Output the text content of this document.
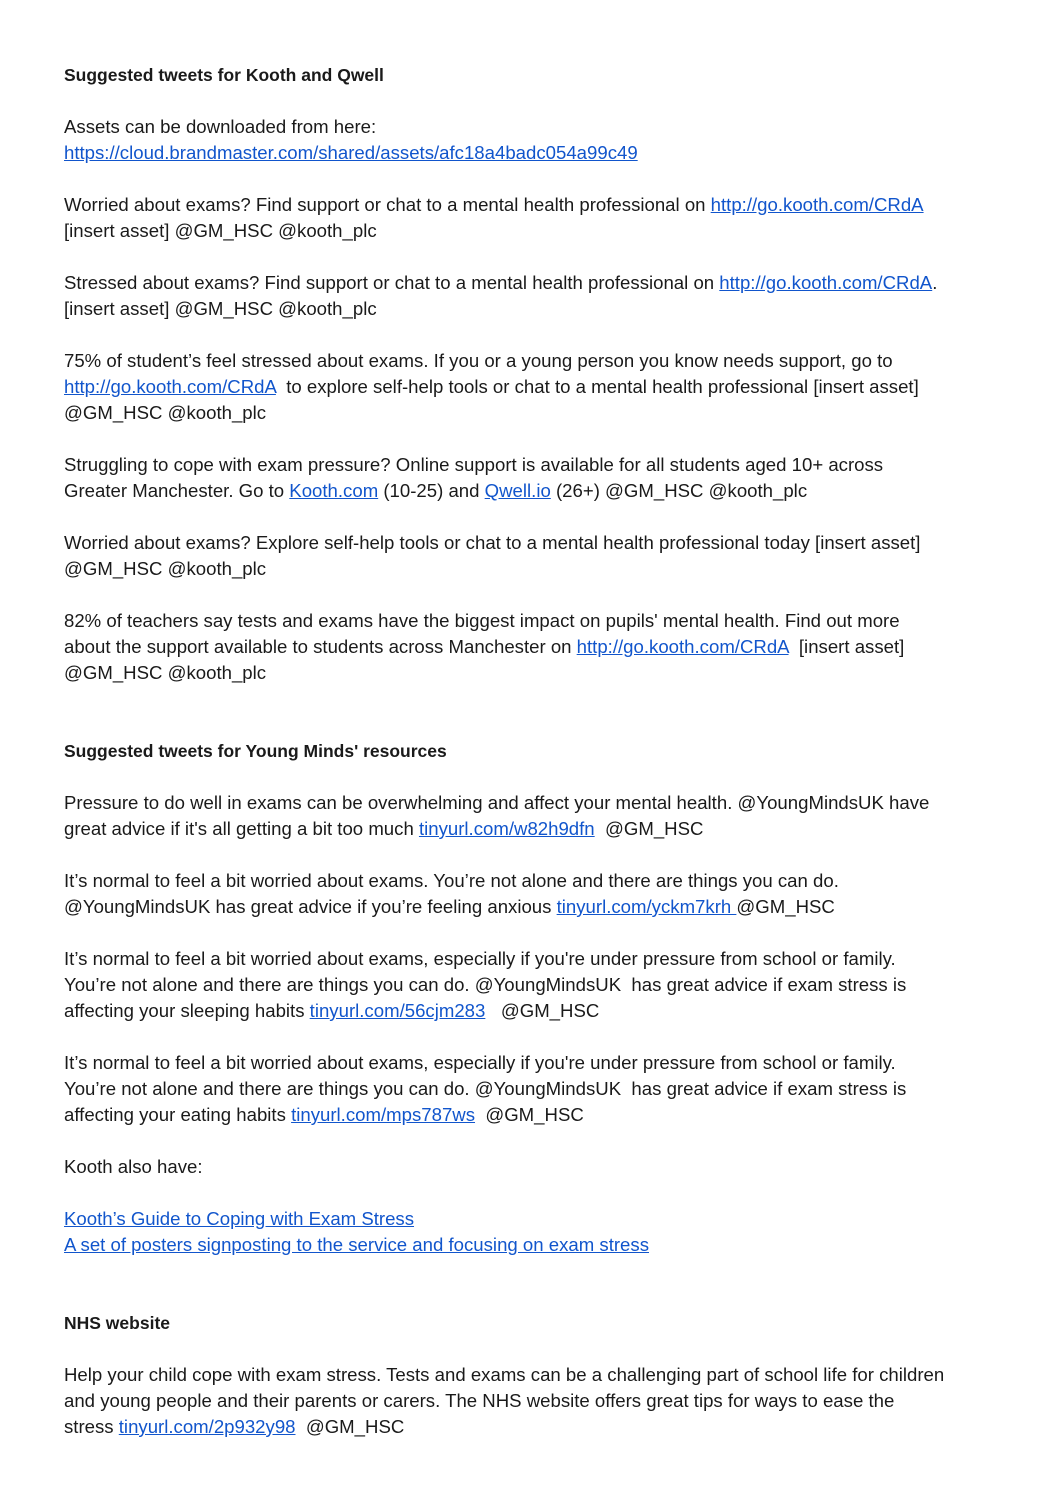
Suggested tweets for Kooth and Qwell

Assets can be downloaded from here:

https://cloud.brandmaster.com/shared/assets/afc18a4badc054a99c49

Worried about exams? Find support or chat to a mental health professional on http://go.kooth.com/CRdA

[insert asset] @GM_HSC @kooth_plc

Stressed about exams? Find support or chat to a mental health professional on http://go.kooth.com/CRdA.

[insert asset] @GM_HSC @kooth_plc

75% of student’s feel stressed about exams. If you or a young person you know needs support, go to

http://go.kooth.com/CRdA  to explore self-help tools or chat to a mental health professional [insert asset]

@GM_HSC @kooth_plc

Struggling to cope with exam pressure? Online support is available for all students aged 10+ across

Greater Manchester. Go to Kooth.com (10-25) and Qwell.io (26+) @GM_HSC @kooth_plc

Worried about exams? Explore self-help tools or chat to a mental health professional today [insert asset]

@GM_HSC @kooth_plc

82% of teachers say tests and exams have the biggest impact on pupils' mental health. Find out more

about the support available to students across Manchester on http://go.kooth.com/CRdA  [insert asset]

@GM_HSC @kooth_plc

Suggested tweets for Young Minds' resources

Pressure to do well in exams can be overwhelming and affect your mental health. @YoungMindsUK have

great advice if it's all getting a bit too much tinyurl.com/w82h9dfn  @GM_HSC

It’s normal to feel a bit worried about exams. You’re not alone and there are things you can do.

@YoungMindsUK has great advice if you’re feeling anxious tinyurl.com/yckm7krh @GM_HSC

It’s normal to feel a bit worried about exams, especially if you're under pressure from school or family.

You’re not alone and there are things you can do. @YoungMindsUK  has great advice if exam stress is

affecting your sleeping habits tinyurl.com/56cjm283   @GM_HSC

It’s normal to feel a bit worried about exams, especially if you're under pressure from school or family.

You’re not alone and there are things you can do. @YoungMindsUK  has great advice if exam stress is

affecting your eating habits tinyurl.com/mps787ws  @GM_HSC

Kooth also have:

Kooth’s Guide to Coping with Exam Stress

A set of posters signposting to the service and focusing on exam stress

NHS website

Help your child cope with exam stress. Tests and exams can be a challenging part of school life for children

and young people and their parents or carers. The NHS website offers great tips for ways to ease the

stress tinyurl.com/2p932y98  @GM_HSC
